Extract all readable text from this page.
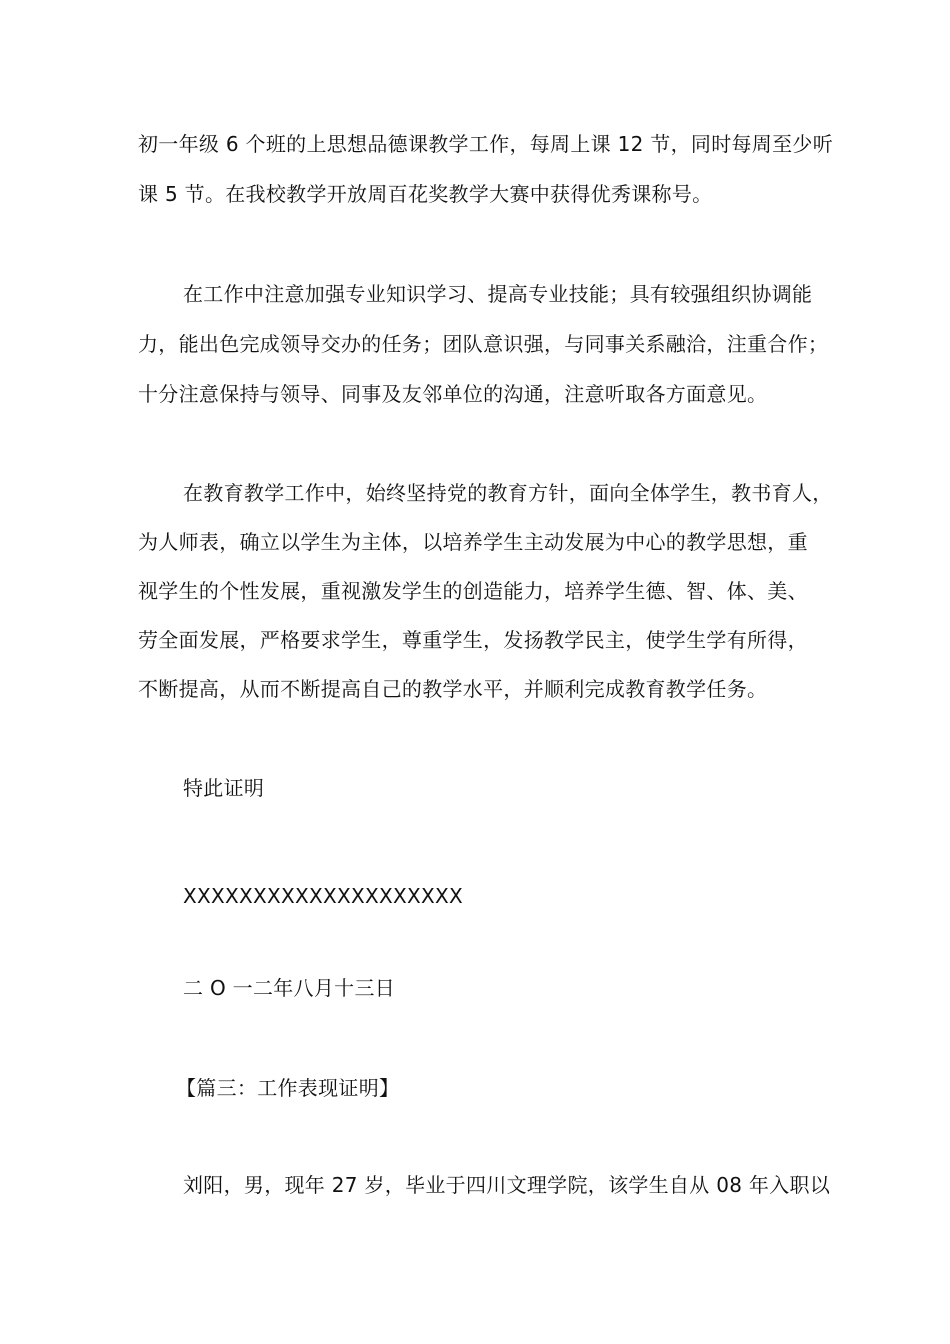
初一年级 6 个班的上思想品德课教学工作，每周上课 12 节，同时每周至少听
课 5 节。在我校教学开放周百花奖教学大赛中获得优秀课称号。
在工作中注意加强专业知识学习、提高专业技能；具有较强组织协调能
力，能出色完成领导交办的任务；团队意识强，与同事关系融洽，注重合作；
十分注意保持与领导、同事及友邻单位的沟通，注意听取各方面意见。
在教育教学工作中，始终坚持党的教育方针，面向全体学生，教书育人，
为人师表，确立以学生为主体，以培养学生主动发展为中心的教学思想，重
视学生的个性发展，重视激发学生的创造能力，培养学生德、智、体、美、
劳全面发展，严格要求学生，尊重学生，发扬教学民主，使学生学有所得，
不断提高，从而不断提高自己的教学水平，并顺利完成教育教学任务。
特此证明
XXXXXXXXXXXXXXXXXXXX
二 O 一二年八月十三日
【篇三：工作表现证明】
刘阳，男，现年 27 岁，毕业于四川文理学院，该学生自从 08 年入职以
